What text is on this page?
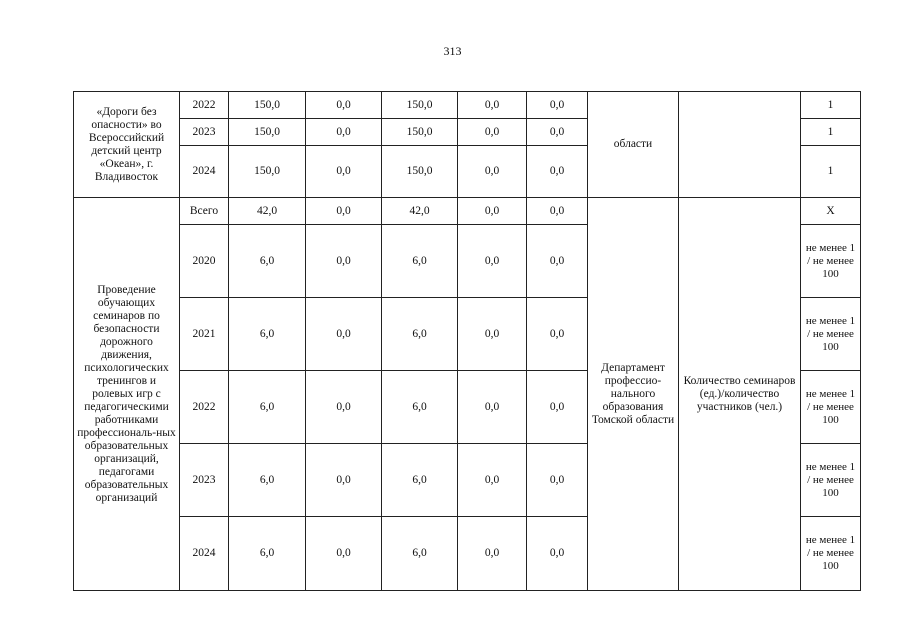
313
«Дороги без опасности» во Всероссийский детский центр «Океан», г. Владивосток	2022	150,0	0,0	150,0	0,0	0,0	области		1
	2023	150,0	0,0	150,0	0,0	0,0			1
	2024	150,0	0,0	150,0	0,0	0,0			1
Проведение обучающих семинаров по безопасности дорожного движения, психологических тренингов и ролевых игр с педагогическими работниками профессиональ-ных образовательных организаций, педагогами образовательных организаций	Всего	42,0	0,0	42,0	0,0	0,0	Департамент профессио-нального образования Томской области	Количество семинаров (ед.)/количество участников (чел.)	X
	2020	6,0	0,0	6,0	0,0	0,0			не менее 1 / не менее 100
	2021	6,0	0,0	6,0	0,0	0,0			не менее 1 / не менее 100
	2022	6,0	0,0	6,0	0,0	0,0			не менее 1 / не менее 100
	2023	6,0	0,0	6,0	0,0	0,0			не менее 1 / не менее 100
	2024	6,0	0,0	6,0	0,0	0,0			не менее 1 / не менее 100
